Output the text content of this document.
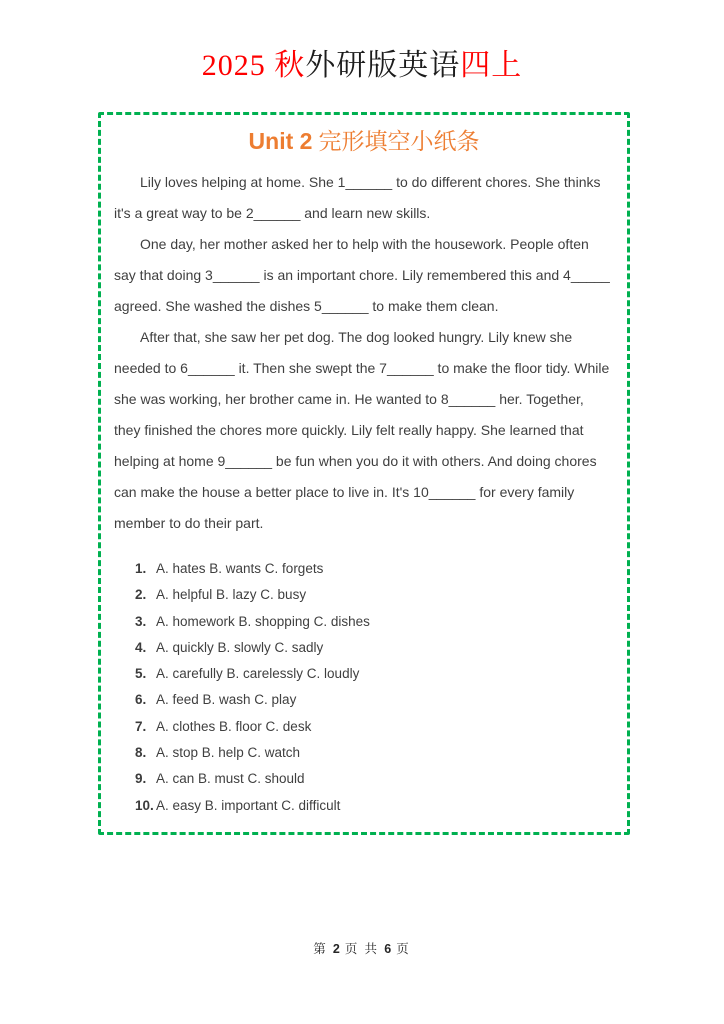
2025 秋外研版英语四上
Unit 2 完形填空小纸条

Lily loves helping at home. She 1______ to do different chores. She thinks it's a great way to be 2______ and learn new skills.

One day, her mother asked her to help with the housework. People often say that doing 3______ is an important chore. Lily remembered this and 4_____ agreed. She washed the dishes 5______ to make them clean.

After that, she saw her pet dog. The dog looked hungry. Lily knew she needed to 6______ it. Then she swept the 7______ to make the floor tidy. While she was working, her brother came in. He wanted to 8______ her. Together, they finished the chores more quickly. Lily felt really happy. She learned that helping at home 9______ be fun when you do it with others. And doing chores can make the house a better place to live in. It's 10______ for every family member to do their part.

1. A. hates B. wants C. forgets
2. A. helpful B. lazy C. busy
3. A. homework B. shopping C. dishes
4. A. quickly B. slowly C. sadly
5. A. carefully B. carelessly C. loudly
6. A. feed B. wash C. play
7. A. clothes B. floor C. desk
8. A. stop B. help C. watch
9. A. can B. must C. should
10. A. easy B. important C. difficult
第 2 页 共 6 页
